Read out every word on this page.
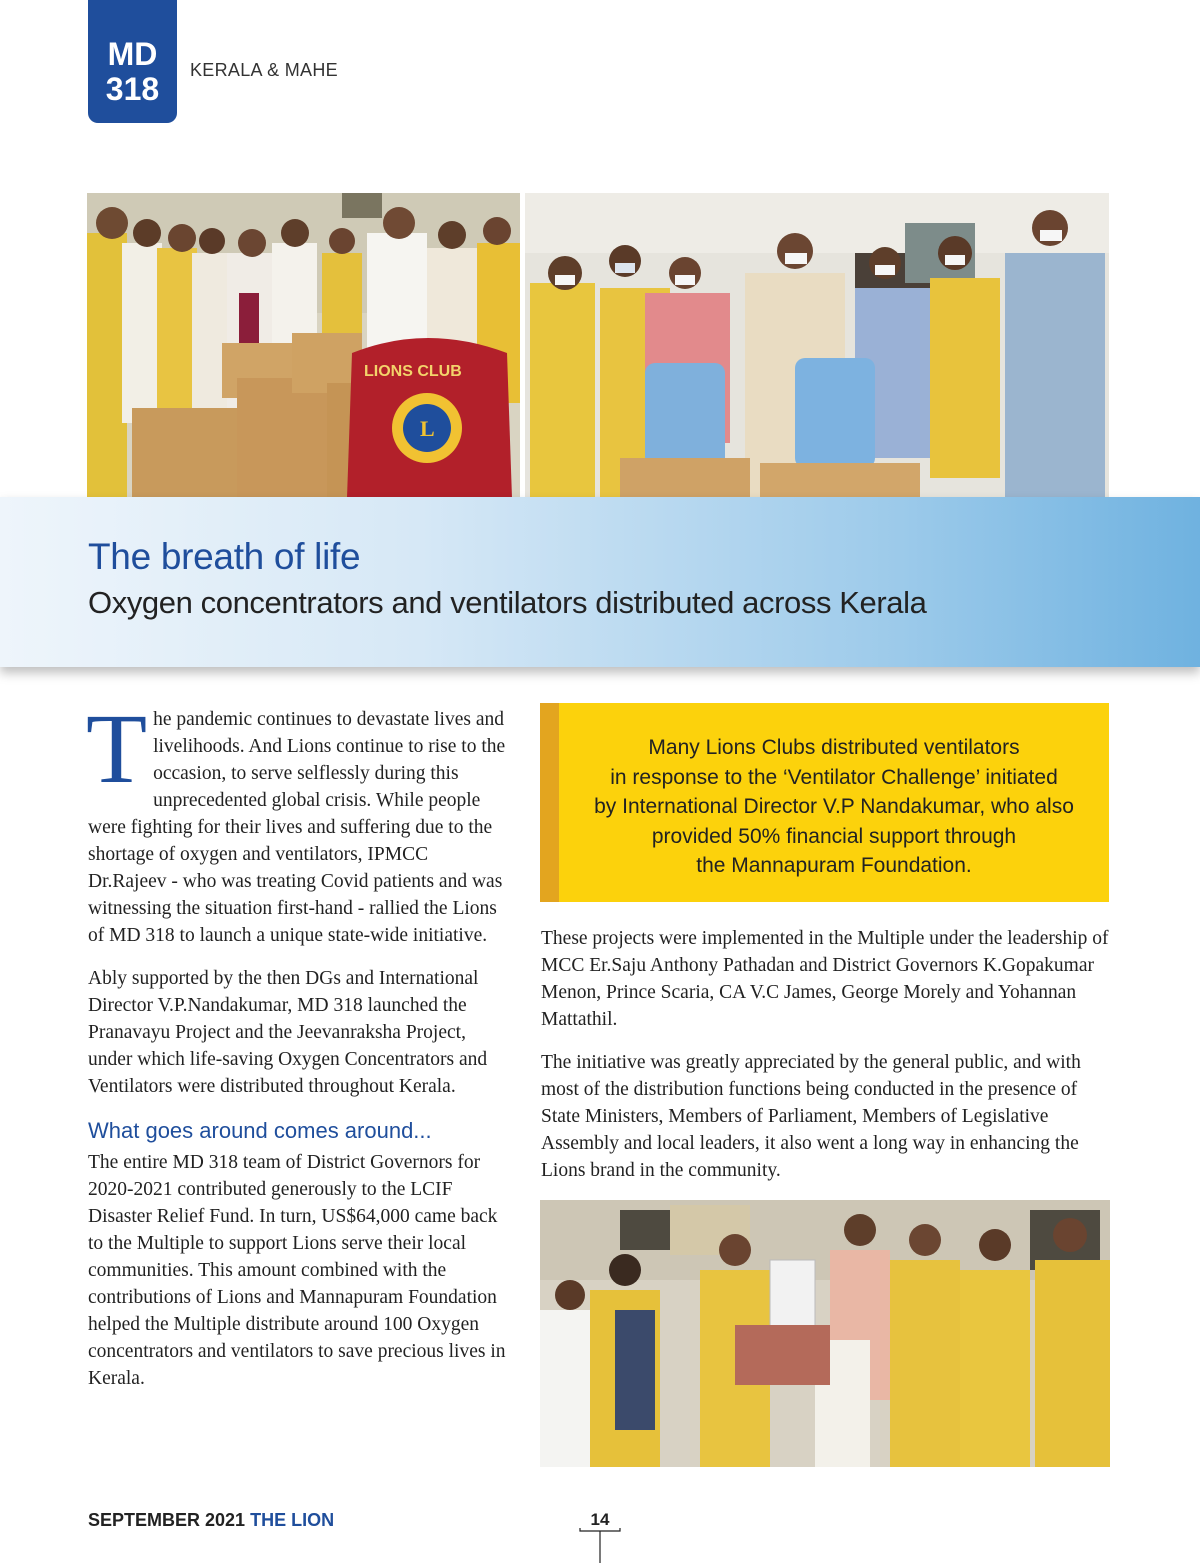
MD
318
KERALA & MAHE
LIONS CLUB
L
The breath of life
Oxygen concentrators and ventilators distributed across Kerala

The pandemic continues to devastate lives and livelihoods. And Lions continue to rise to the occasion, to serve selflessly during this unprecedented global crisis. While people were fighting for their lives and suffering due to the shortage of oxygen and ventilators, IPMCC Dr.Rajeev - who was treating Covid patients and was witnessing the situation first-hand - rallied the Lions of MD 318 to launch a unique state-wide initiative.

Ably supported by the then DGs and International Director V.P.Nandakumar, MD 318 launched the Pranavayu Project and the Jeevanraksha Project, under which life-saving Oxygen Concentrators and Ventilators were distributed throughout Kerala.

What goes around comes around...

The entire MD 318 team of District Governors for 2020-2021 contributed generously to the LCIF Disaster Relief Fund. In turn, US$64,000 came back to the Multiple to support Lions serve their local communities. This amount combined with the contributions of Lions and Mannapuram Foundation helped the Multiple distribute around 100 Oxygen concentrators and ventilators to save precious lives in Kerala.

Many Lions Clubs distributed ventilators
in response to the ‘Ventilator Challenge’ initiated
by International Director V.P Nandakumar, who also
provided 50% financial support through
the Mannapuram Foundation.

These projects were implemented in the Multiple under the leadership of MCC Er.Saju Anthony Pathadan and District Governors K.Gopakumar Menon, Prince Scaria, CA V.C James, George Morely and Yohannan Mattathil.

The initiative was greatly appreciated by the general public, and with most of the distribution functions being conducted in the presence of State Ministers, Members of Parliament, Members of Legislative Assembly and local leaders, it also went a long way in enhancing the Lions brand in the community.

SEPTEMBER 2021 THE LION	14
